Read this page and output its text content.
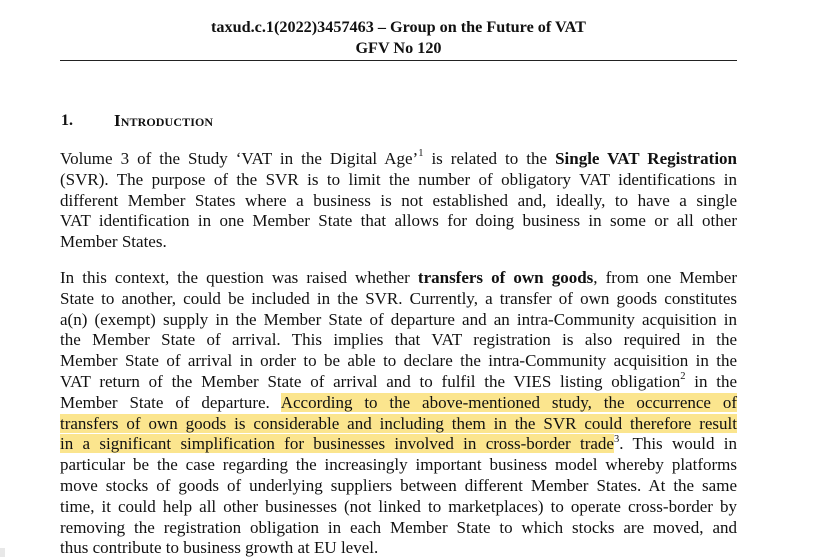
taxud.c.1(2022)3457463 – Group on the Future of VAT
GFV No 120
1. Introduction
Volume 3 of the Study ‘VAT in the Digital Age’$^1$ is related to the Single VAT Registration
(SVR). The purpose of the SVR is to limit the number of obligatory VAT identifications in
different Member States where a business is not established and, ideally, to have a single
VAT identification in one Member State that allows for doing business in some or all other
Member States.
In this context, the question was raised whether transfers of own goods, from one Member
State to another, could be included in the SVR. Currently, a transfer of own goods constitutes
a(n) (exempt) supply in the Member State of departure and an intra-Community acquisition in
the Member State of arrival. This implies that VAT registration is also required in the
Member State of arrival in order to be able to declare the intra-Community acquisition in the
VAT return of the Member State of arrival and to fulfil the VIES listing obligation$^2$ in the
Member State of departure. According to the above-mentioned study, the occurrence of
transfers of own goods is considerable and including them in the SVR could therefore result
in a significant simplification for businesses involved in cross-border trade$^3$. This would in
particular be the case regarding the increasingly important business model whereby platforms
move stocks of goods of underlying suppliers between different Member States. At the same
time, it could help all other businesses (not linked to marketplaces) to operate cross-border by
removing the registration obligation in each Member State to which stocks are moved, and
thus contribute to business growth at EU level.
